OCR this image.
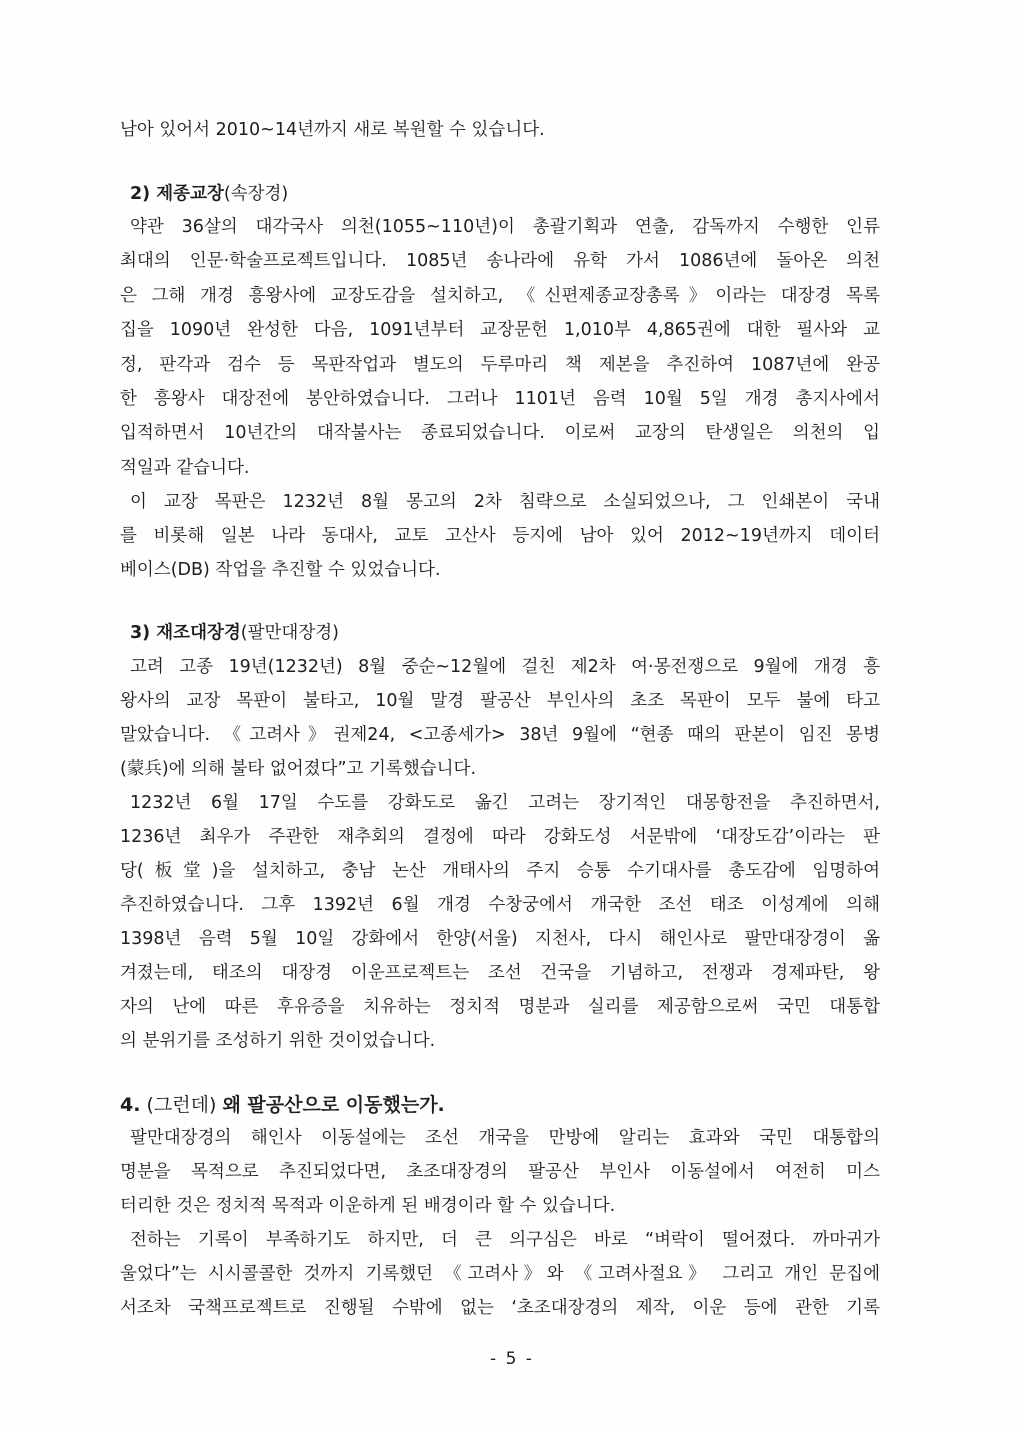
남아 있어서 2010~14년까지 새로 복원할 수 있습니다.
2) 제종교장(속장경)
약관 36살의 대각국사 의천(1055~110년)이 총괄기획과 연출, 감독까지 수행한 인류
최대의 인문·학술프로젝트입니다. 1085년 송나라에 유학 가서 1086년에 돌아온 의천
은 그해 개경 흥왕사에 교장도감을 설치하고, 《신편제종교장총록》이라는 대장경 목록
집을 1090년 완성한 다음, 1091년부터 교장문헌 1,010부 4,865권에 대한 필사와 교
정, 판각과 검수 등 목판작업과 별도의 두루마리 책 제본을 추진하여 1087년에 완공
한 흥왕사 대장전에 봉안하였습니다. 그러나 1101년 음력 10월 5일 개경 총지사에서
입적하면서 10년간의 대작불사는 종료되었습니다. 이로써 교장의 탄생일은 의천의 입
적일과 같습니다.
이 교장 목판은 1232년 8월 몽고의 2차 침략으로 소실되었으나, 그 인쇄본이 국내
를 비롯해 일본 나라 동대사, 교토 고산사 등지에 남아 있어 2012~19년까지 데이터
베이스(DB) 작업을 추진할 수 있었습니다.
3) 재조대장경(팔만대장경)
고려 고종 19년(1232년) 8월 중순~12월에 걸친 제2차 여·몽전쟁으로 9월에 개경 흥
왕사의 교장 목판이 불타고, 10월 말경 팔공산 부인사의 초조 목판이 모두 불에 타고
말았습니다. 《고려사》권제24, <고종세가> 38년 9월에 “현종 때의 판본이 임진 몽병
(蒙兵)에 의해 불타 없어졌다”고 기록했습니다.
1232년 6월 17일 수도를 강화도로 옮긴 고려는 장기적인 대몽항전을 추진하면서,
1236년 최우가 주관한 재추회의 결정에 따라 강화도성 서문밖에 ‘대장도감’이라는 판
당(板堂)을 설치하고, 충남 논산 개태사의 주지 승통 수기대사를 총도감에 임명하여
추진하였습니다. 그후 1392년 6월 개경 수창궁에서 개국한 조선 태조 이성계에 의해
1398년 음력 5월 10일 강화에서 한양(서울) 지천사, 다시 해인사로 팔만대장경이 옮
겨졌는데, 태조의 대장경 이운프로젝트는 조선 건국을 기념하고, 전쟁과 경제파탄, 왕
자의 난에 따른 후유증을 치유하는 정치적 명분과 실리를 제공함으로써 국민 대통합
의 분위기를 조성하기 위한 것이었습니다.
4. (그런데) 왜 팔공산으로 이동했는가.
팔만대장경의 해인사 이동설에는 조선 개국을 만방에 알리는 효과와 국민 대통합의
명분을 목적으로 추진되었다면, 초조대장경의 팔공산 부인사 이동설에서 여전히 미스
터리한 것은 정치적 목적과 이운하게 된 배경이라 할 수 있습니다.
전하는 기록이 부족하기도 하지만, 더 큰 의구심은 바로 “벼락이 떨어졌다. 까마귀가
울었다”는 시시콜콜한 것까지 기록했던 《고려사》와 《고려사절요》 그리고 개인 문집에
서조차 국책프로젝트로 진행될 수밖에 없는 ‘초조대장경의 제작, 이운 등에 관한 기록
- 5 -
